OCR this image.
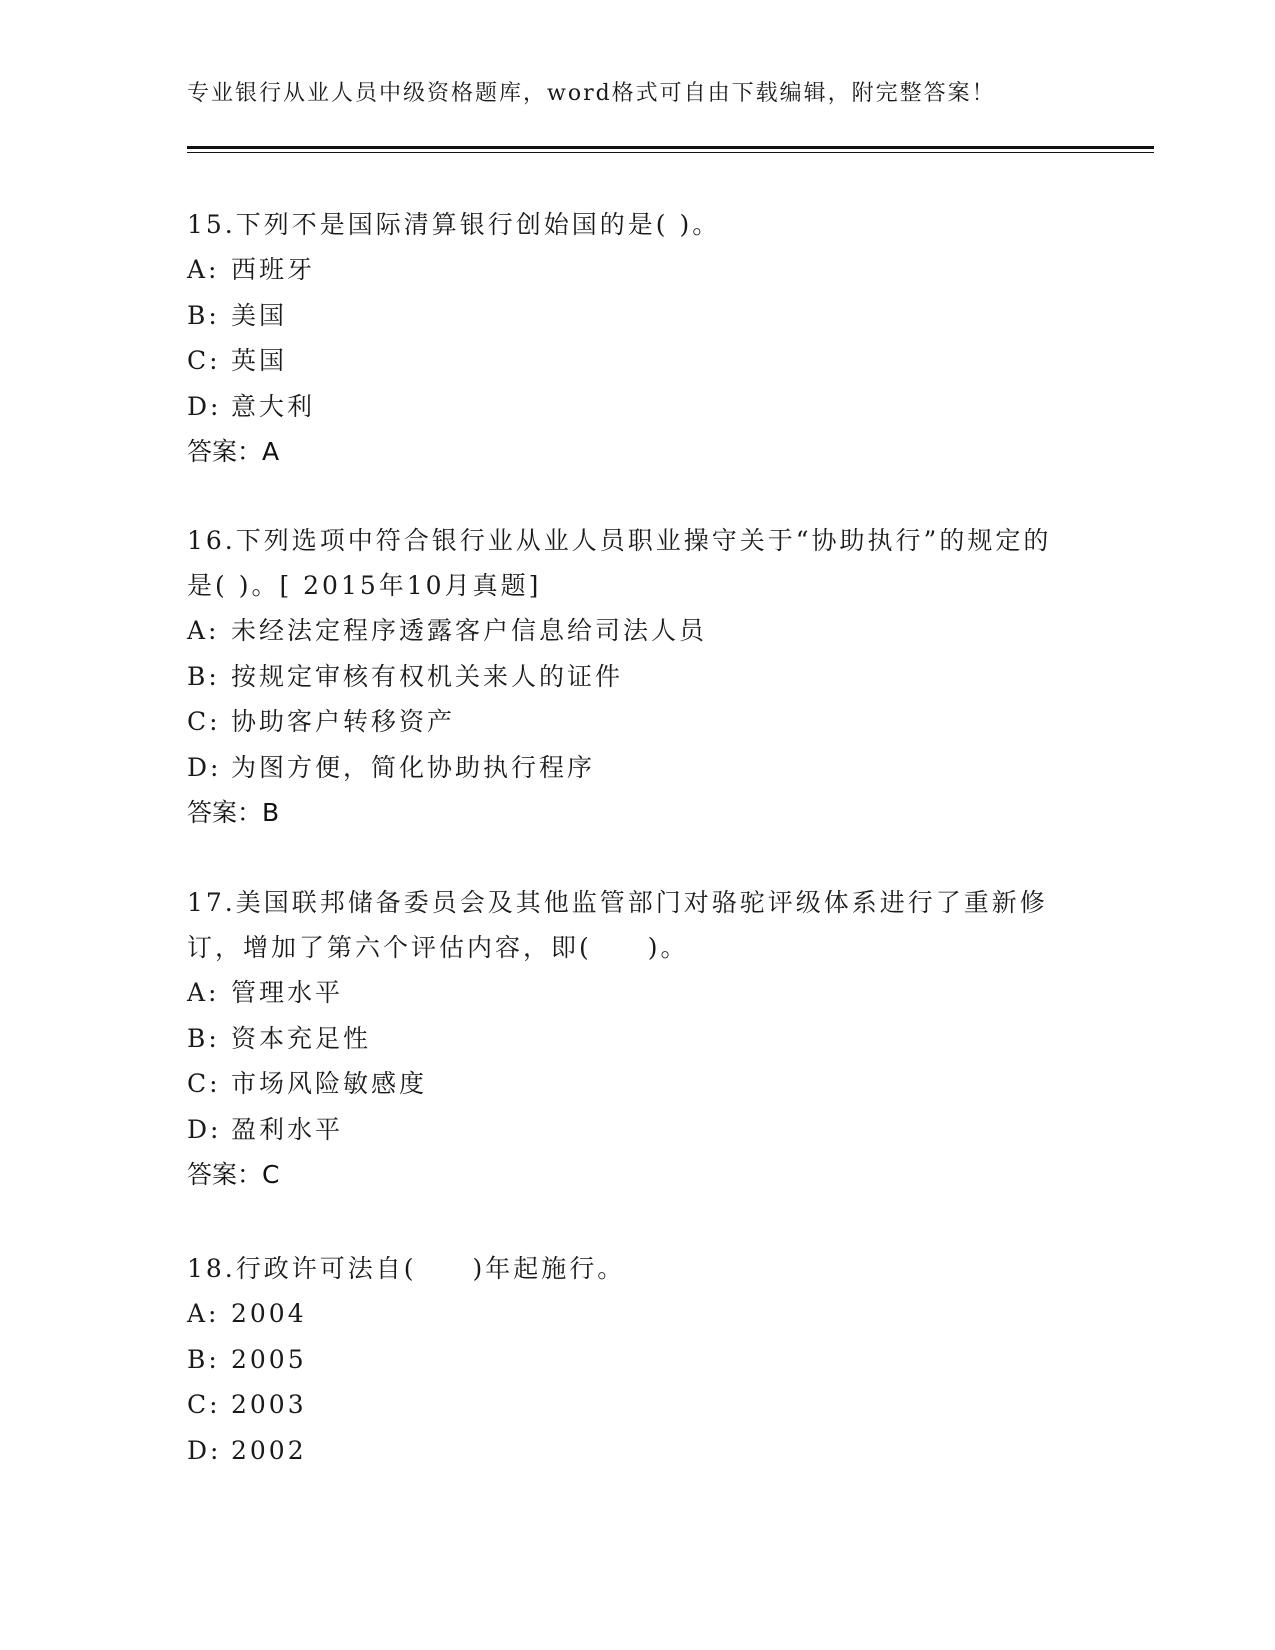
专业银行从业人员中级资格题库，word格式可自由下载编辑，附完整答案！

15.下列不是国际清算银行创始国的是( )。

A: 西班牙

B: 美国

C: 英国

D: 意大利

答案：A

16.下列选项中符合银行业从业人员职业操守关于“协助执行”的规定的是( )。[ 2015年10月真题]

A: 未经法定程序透露客户信息给司法人员

B: 按规定审核有权机关来人的证件

C: 协助客户转移资产

D: 为图方便，简化协助执行程序

答案：B

17.美国联邦储备委员会及其他监管部门对骆驼评级体系进行了重新修订，增加了第六个评估内容，即(　　)。

A: 管理水平

B: 资本充足性

C: 市场风险敏感度

D: 盈利水平

答案：C

18.行政许可法自(　　)年起施行。

A: 2004

B: 2005

C: 2003

D: 2002
